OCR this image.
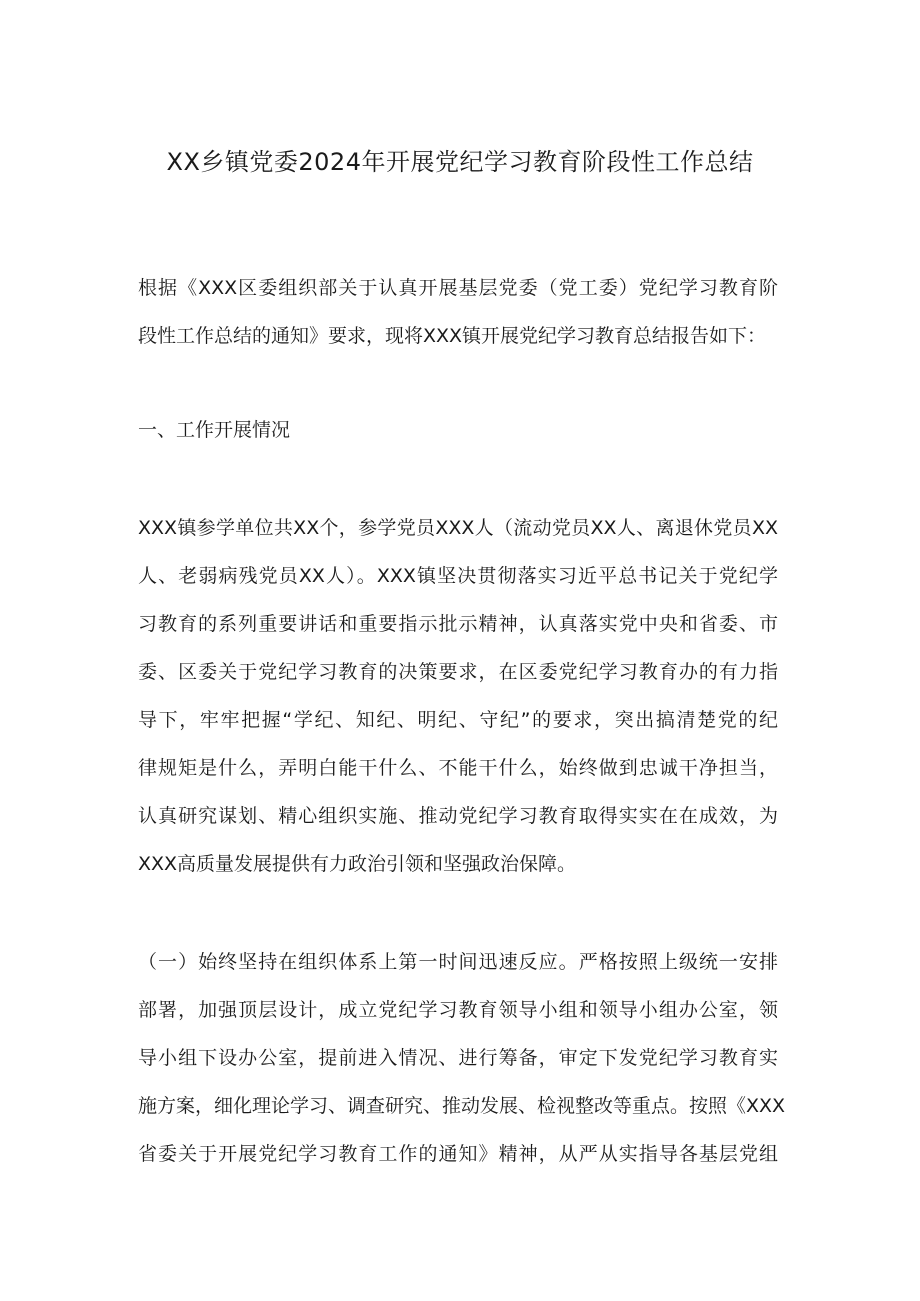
XX乡镇党委2024年开展党纪学习教育阶段性工作总结
根据《XXX区委组织部关于认真开展基层党委（党工委）党纪学习教育阶
段性工作总结的通知》要求，现将XXX镇开展党纪学习教育总结报告如下：
一、工作开展情况
XXX镇参学单位共XX个，参学党员XXX人（流动党员XX人、离退休党员XX
人、老弱病残党员XX人）。XXX镇坚决贯彻落实习近平总书记关于党纪学
习教育的系列重要讲话和重要指示批示精神，认真落实党中央和省委、市
委、区委关于党纪学习教育的决策要求，在区委党纪学习教育办的有力指
导下，牢牢把握“学纪、知纪、明纪、守纪”的要求，突出搞清楚党的纪
律规矩是什么，弄明白能干什么、不能干什么，始终做到忠诚干净担当，
认真研究谋划、精心组织实施、推动党纪学习教育取得实实在在成效，为
XXX高质量发展提供有力政治引领和坚强政治保障。
（一）始终坚持在组织体系上第一时间迅速反应。严格按照上级统一安排
部署，加强顶层设计，成立党纪学习教育领导小组和领导小组办公室，领
导小组下设办公室，提前进入情况、进行筹备，审定下发党纪学习教育实
施方案，细化理论学习、调查研究、推动发展、检视整改等重点。按照《XXX
省委关于开展党纪学习教育工作的通知》精神，从严从实指导各基层党组
